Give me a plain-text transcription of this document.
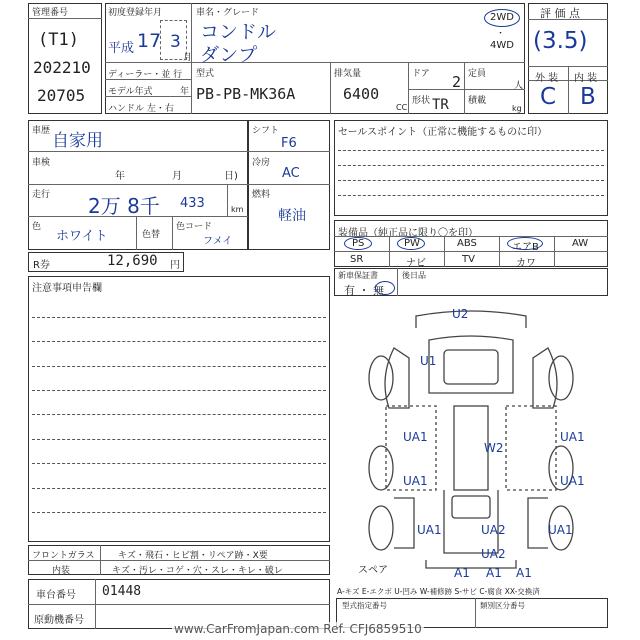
管理番号
(T1)
202210
20705
初度登録年月
平成 17 3
月
ディーラー・並 行
モデル年式	年
ハンドル 左・右
車名・グレード
コンドル
ダンプ
2WD
・
4WD
型式
PB-PB-MK36A
排気量
6400
CC
ドア 2 定員
人
形状 TR 積載
kg
評 価 点
(3.5)
外 装 内 装
C B
車歴 自家用
車検
年	月	日)
走行 2万 8千 433	km
色
ホワイト	色替
色コード
フメイ
R券	12,690 円
シフト
F6
冷房
AC
燃料
軽油
セールスポイント（正常に機能するものに印）
装備品（純正品に限り〇を印）
PS	PW	ABS	エアB	AW
SR	ナビ	TV	カワ
新車保証書
有 ・ 無
後日品
注意事項申告欄
U2
U1
UA1	UA1
UA1	UA1
UA1	UA1
W2
UA2
UA2
A1 A1 A1
スペア
A-キズ E-エクボ U-凹み W-補修跡 S-サビ C-腐食 XX-交換済
フロントガラス	キズ・飛石・ヒビ割・リペア跡・X要
内装	キズ・汚レ・コゲ・穴・スレ・キレ・破レ
車台番号 01448
原動機番号
型式指定番号	類別区分番号
www.CarFromJapan.com Ref. CFJ6859510
